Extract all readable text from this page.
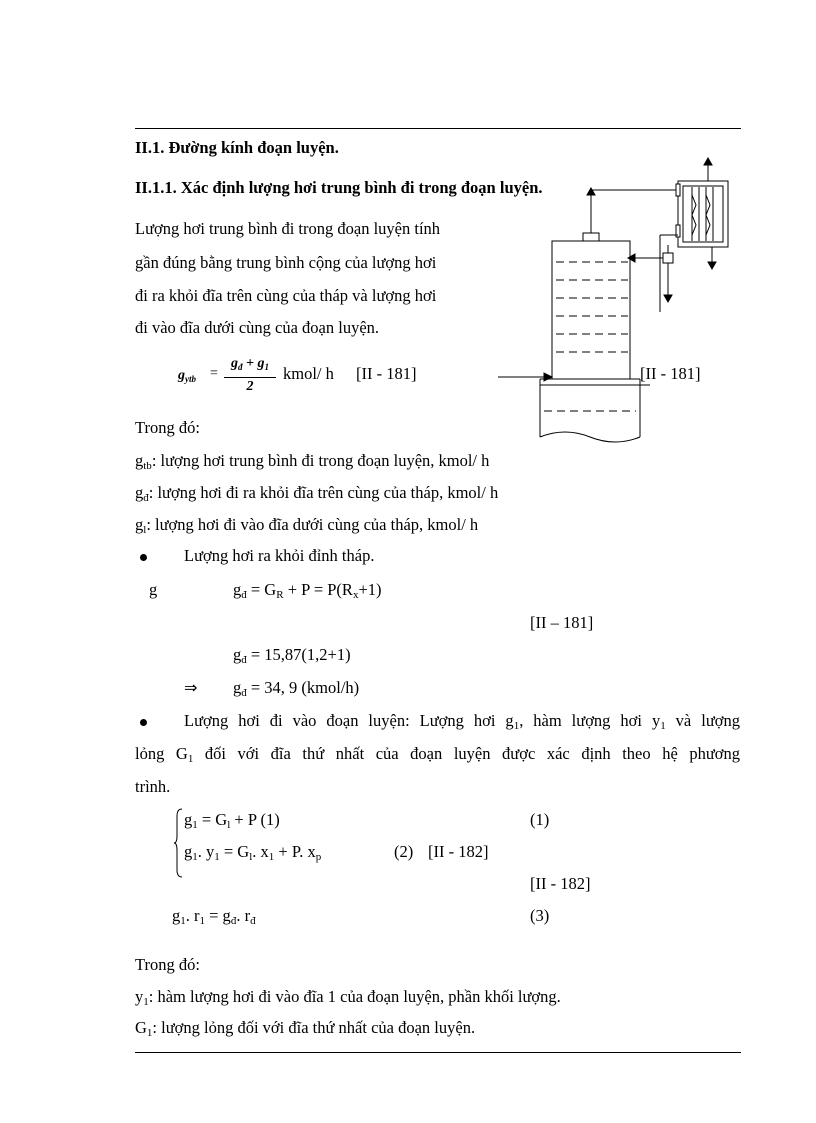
II.1. Đường kính đoạn luyện.
II.1.1. Xác định lượng hơi trung bình đi trong đoạn luyện.
Lượng hơi trung bình đi trong đoạn luyện tính
gần đúng bằng trung bình cộng của lượng hơi
đi ra khỏi đĩa trên cùng của tháp và lượng hơi
đi vào đĩa dưới cùng của đoạn luyện.
$g_{ytb}$ =
$g_đ + g_1$
2
kmol/ h [II - 181]	[II - 181]
Trong đó:
$g_{tb}$: lượng hơi trung bình đi trong đoạn luyện, kmol/ h
$g_đ$: lượng hơi đi ra khỏi đĩa trên cùng của tháp, kmol/ h
$g_l$: lượng hơi đi vào đĩa dưới cùng của tháp, kmol/ h
Lượng hơi ra khỏi đỉnh tháp.
g	$g_đ = G_R + P = P(R_x+1)$
[II – 181]
$g_đ = 15,87(1,2+1)$
⇒ $g_đ = 34$, 9 (kmol/h)
Lượng hơi đi vào đoạn luyện: Lượng hơi $g_1$, hàm lượng hơi $y_1$ và lượng
lỏng $G_1$ đối với đĩa thứ nhất của đoạn luyện được xác định theo hệ phương
trình.
$g_1 = G_l + P$ (1)	(1)
$g_1$. $y_1 = G_l$. $x_1 + P$. $x_p$	(2) [II - 182]
[II - 182]
$g_1$. $r_1 = g_đ$. $r_đ$	(3)
Trong đó:
$y_1$: hàm lượng hơi đi vào đĩa 1 của đoạn luyện, phần khối lượng.
$G_1$: lượng lỏng đối với đĩa thứ nhất của đoạn luyện.
